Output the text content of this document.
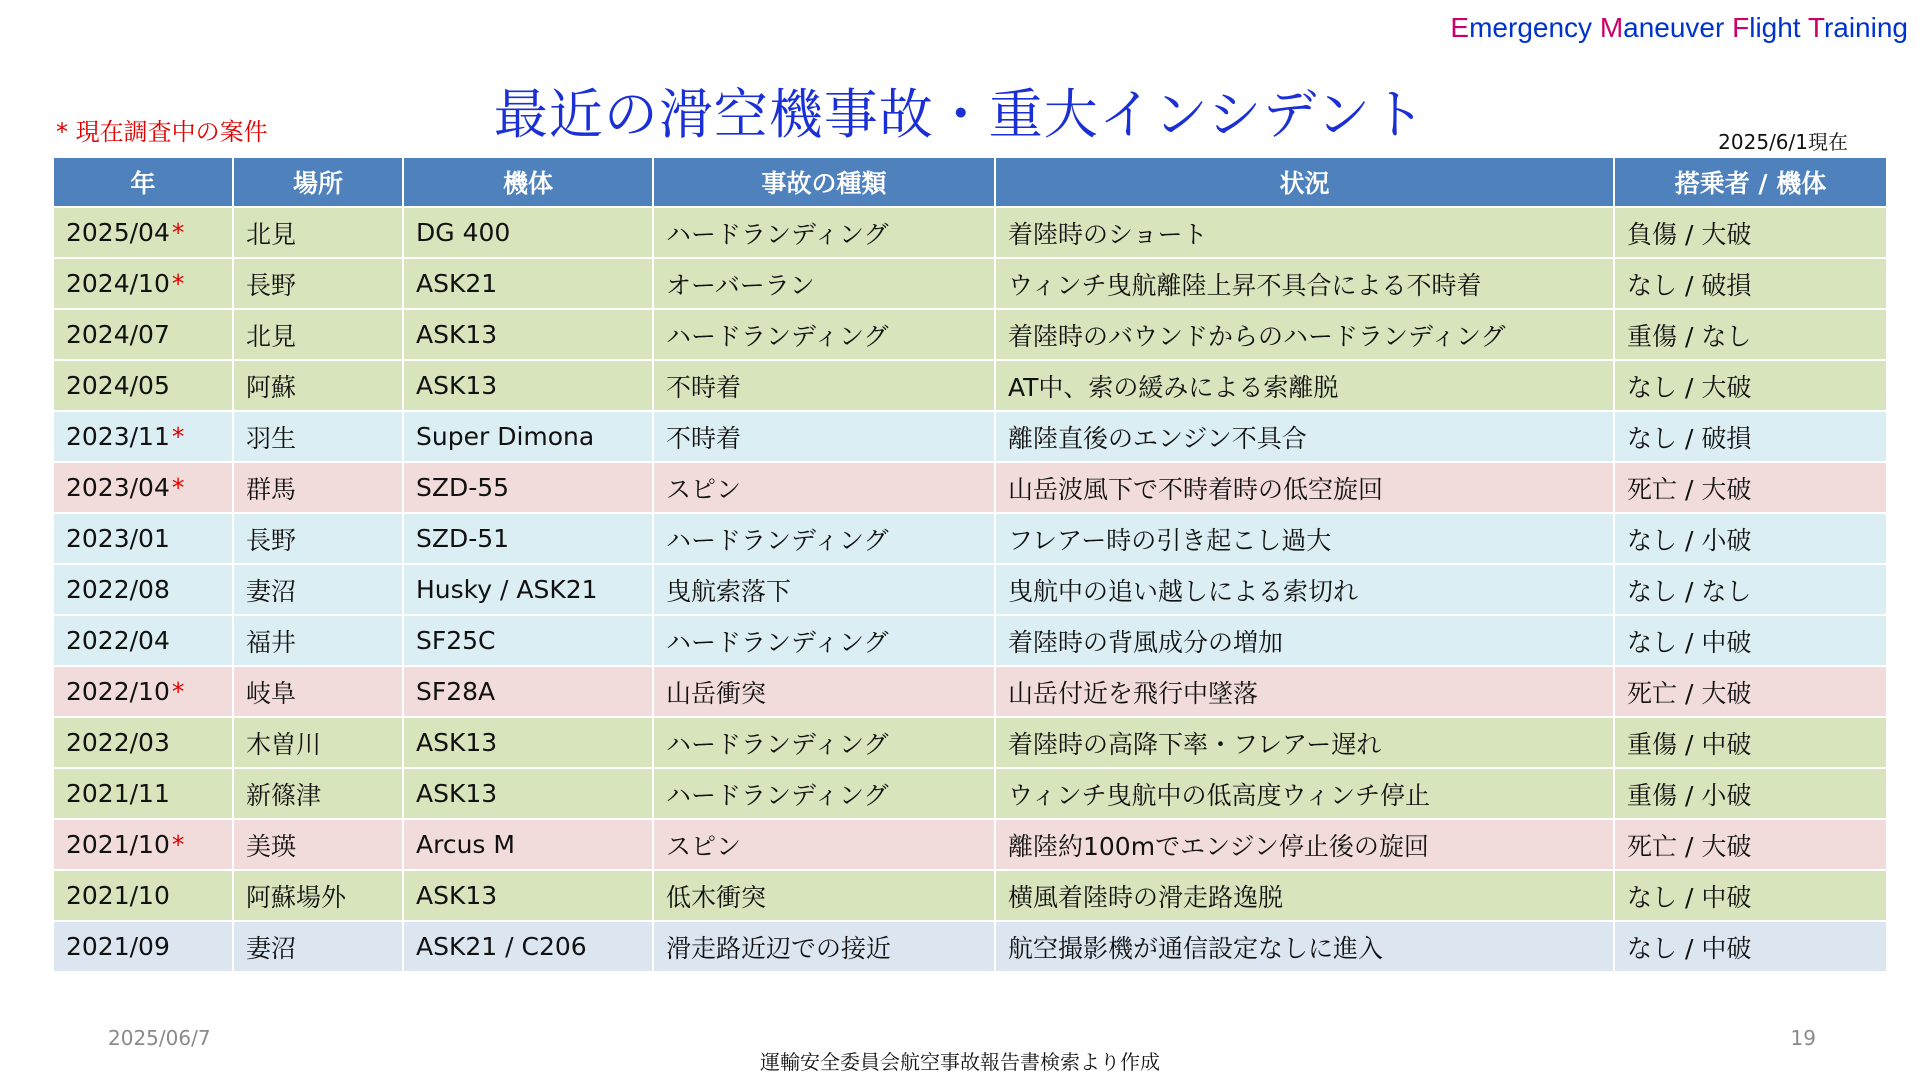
Emergency Maneuver Flight Training
最近の滑空機事故・重大インシデント
* 現在調査中の案件	2025/6/1現在
年	場所	機体	事故の種類	状況	搭乗者 / 機体
2025/04*	北見	DG 400	ハードランディング	着陸時のショート	負傷 / 大破
2024/10*	長野	ASK21	オーバーラン	ウィンチ曳航離陸上昇不具合による不時着	なし / 破損
2024/07	北見	ASK13	ハードランディング	着陸時のバウンドからのハードランディング	重傷 / なし
2024/05	阿蘇	ASK13	不時着	AT中、索の緩みによる索離脱	なし / 大破
2023/11*	羽生	Super Dimona	不時着	離陸直後のエンジン不具合	なし / 破損
2023/04*	群馬	SZD-55	スピン	山岳波風下で不時着時の低空旋回	死亡 / 大破
2023/01	長野	SZD-51	ハードランディング	フレアー時の引き起こし過大	なし / 小破
2022/08	妻沼	Husky / ASK21	曳航索落下	曳航中の追い越しによる索切れ	なし / なし
2022/04	福井	SF25C	ハードランディング	着陸時の背風成分の増加	なし / 中破
2022/10*	岐阜	SF28A	山岳衝突	山岳付近を飛行中墜落	死亡 / 大破
2022/03	木曽川	ASK13	ハードランディング	着陸時の高降下率・フレアー遅れ	重傷 / 中破
2021/11	新篠津	ASK13	ハードランディング	ウィンチ曳航中の低高度ウィンチ停止	重傷 / 小破
2021/10*	美瑛	Arcus M	スピン	離陸約100mでエンジン停止後の旋回	死亡 / 大破
2021/10	阿蘇場外	ASK13	低木衝突	横風着陸時の滑走路逸脱	なし / 中破
2021/09	妻沼	ASK21 / C206	滑走路近辺での接近	航空撮影機が通信設定なしに進入	なし / 中破
2025/06/7	19
運輸安全委員会航空事故報告書検索より作成
